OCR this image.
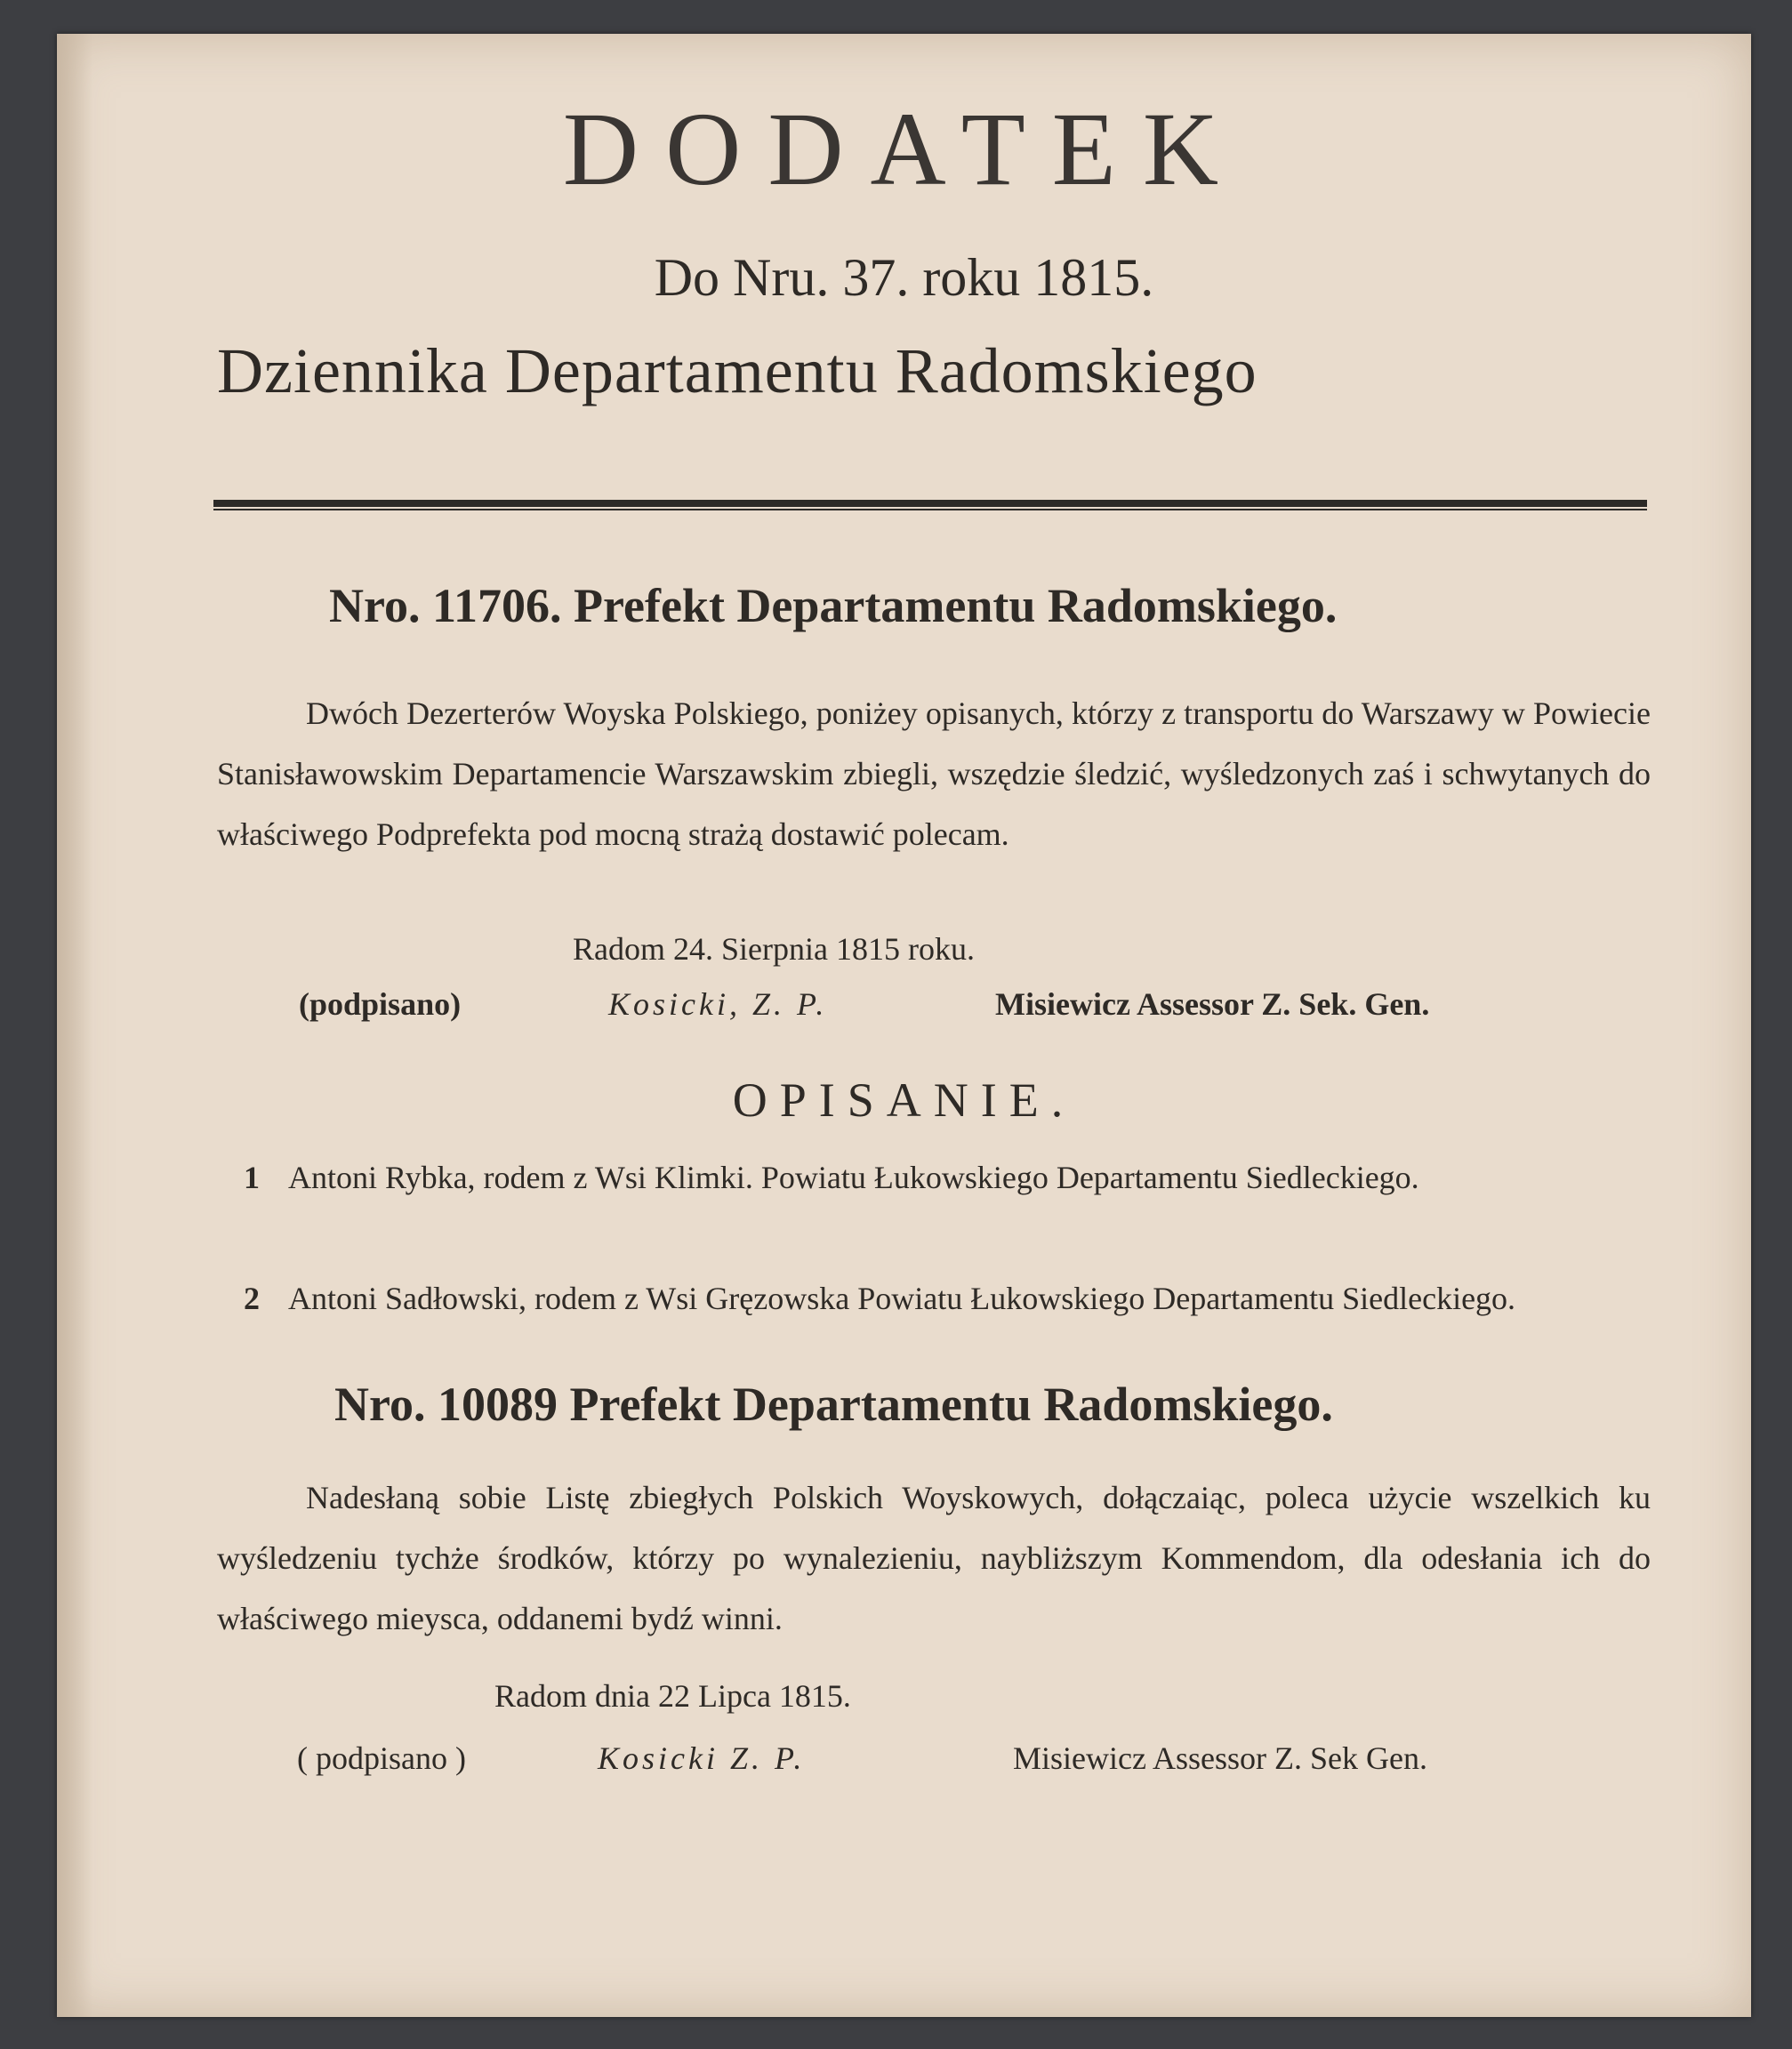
DODATEK
Do Nru. 37. roku 1815.
Dziennika Departamentu Radomskiego
Nro. 11706. Prefekt Departamentu Radomskiego.
Dwóch Dezerterów Woyska Polskiego, poniżey opisanych, którzy z transportu do Warszawy w Powiecie Stanisławowskim Departamencie Warszawskim zbiegli, wszędzie śledzić, wyśledzonych zaś i schwytanych do właściwego Podprefekta pod mocną strażą dostawić polecam.
Radom 24. Sierpnia 1815 roku.
(podpisano)	Kosicki, Z. P.	Misiewicz Assessor Z. Sek. Gen.
OPISANIE.
1 Antoni Rybka, rodem z Wsi Klimki. Powiatu Łukowskiego Departamentu Siedleckiego.
2 Antoni Sadłowski, rodem z Wsi Gręzowska Powiatu Łukowskiego Departamentu Siedleckiego.
Nro. 10089 Prefekt Departamentu Radomskiego.
Nadesłaną sobie Listę zbiegłych Polskich Woyskowych, dołączaiąc, poleca użycie wszelkich ku wyśledzeniu tychże środków, którzy po wynalezieniu, naybliższym Kommendom, dla odesłania ich do właściwego mieysca, oddanemi bydź winni.
Radom dnia 22 Lipca 1815.
( podpisano )	Kosicki Z. P.	Misiewicz Assessor Z. Sek Gen.
